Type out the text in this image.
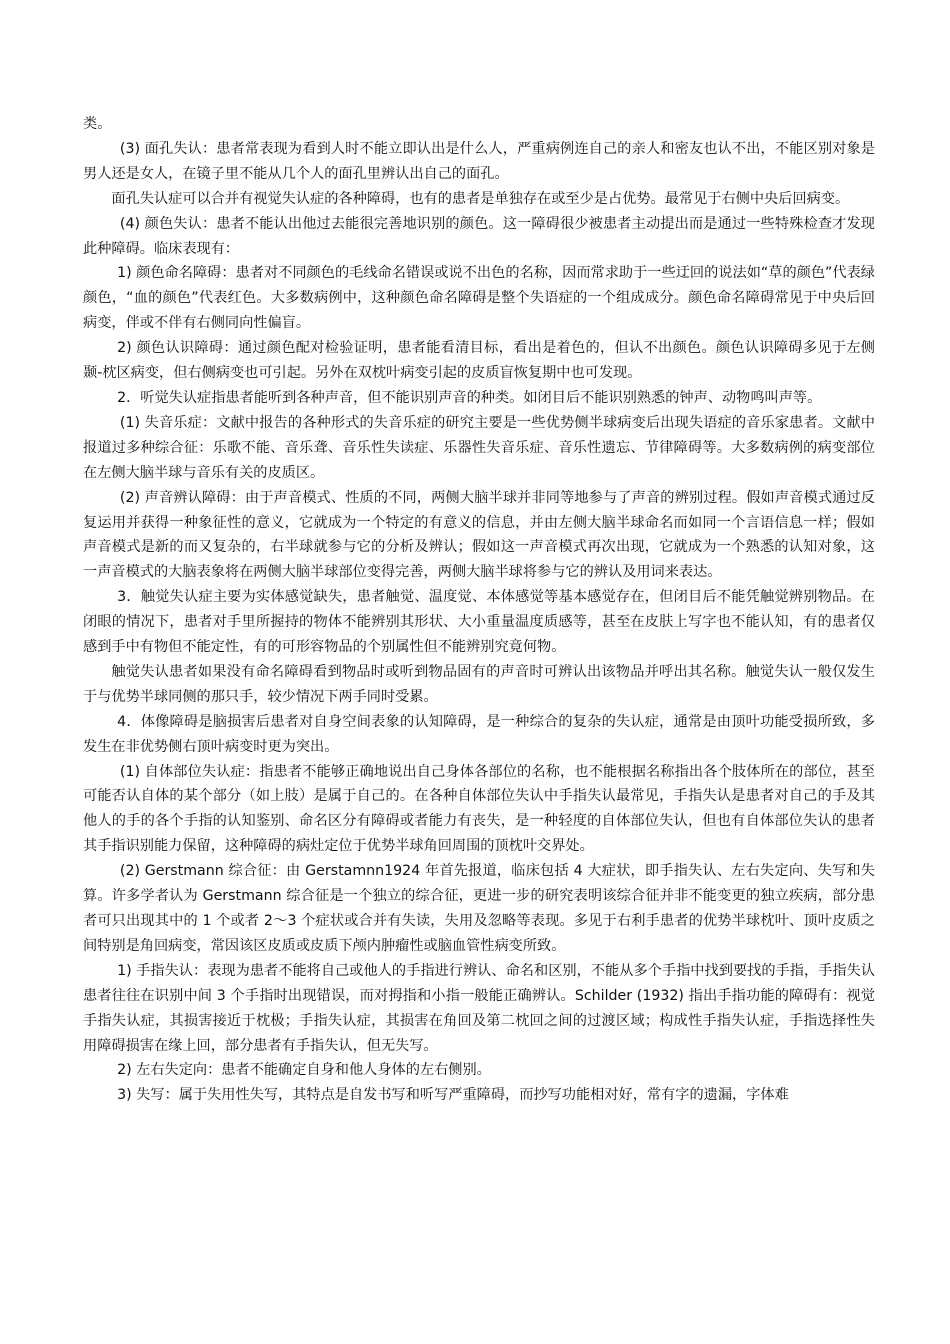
类。

(3) 面孔失认：患者常表现为看到人时不能立即认出是什么人，严重病例连自己的亲人和密友也认不出，不能区别对象是男人还是女人，在镜子里不能从几个人的面孔里辨认出自己的面孔。

面孔失认症可以合并有视觉失认症的各种障碍，也有的患者是单独存在或至少是占优势。最常见于右侧中央后回病变。

(4) 颜色失认：患者不能认出他过去能很完善地识别的颜色。这一障碍很少被患者主动提出而是通过一些特殊检查才发现此种障碍。临床表现有：

1) 颜色命名障碍：患者对不同颜色的毛线命名错误或说不出色的名称，因而常求助于一些迂回的说法如“草的颜色”代表绿颜色，“血的颜色”代表红色。大多数病例中，这种颜色命名障碍是整个失语症的一个组成成分。颜色命名障碍常见于中央后回病变，伴或不伴有右侧同向性偏盲。

2) 颜色认识障碍：通过颜色配对检验证明，患者能看清目标，看出是着色的，但认不出颜色。颜色认识障碍多见于左侧颞-枕区病变，但右侧病变也可引起。另外在双枕叶病变引起的皮质盲恢复期中也可发现。

2．听觉失认症指患者能听到各种声音，但不能识别声音的种类。如闭目后不能识别熟悉的钟声、动物鸣叫声等。

(1) 失音乐症：文献中报告的各种形式的失音乐症的研究主要是一些优势侧半球病变后出现失语症的音乐家患者。文献中报道过多种综合征：乐歌不能、音乐聋、音乐性失读症、乐器性失音乐症、音乐性遗忘、节律障碍等。大多数病例的病变部位在左侧大脑半球与音乐有关的皮质区。

(2) 声音辨认障碍：由于声音模式、性质的不同，两侧大脑半球并非同等地参与了声音的辨别过程。假如声音模式通过反复运用并获得一种象征性的意义，它就成为一个特定的有意义的信息，并由左侧大脑半球命名而如同一个言语信息一样；假如声音模式是新的而又复杂的，右半球就参与它的分析及辨认；假如这一声音模式再次出现，它就成为一个熟悉的认知对象，这一声音模式的大脑表象将在两侧大脑半球部位变得完善，两侧大脑半球将参与它的辨认及用词来表达。

3．触觉失认症主要为实体感觉缺失，患者触觉、温度觉、本体感觉等基本感觉存在，但闭目后不能凭触觉辨别物品。在闭眼的情况下，患者对手里所握持的物体不能辨别其形状、大小重量温度质感等，甚至在皮肤上写字也不能认知，有的患者仅感到手中有物但不能定性，有的可形容物品的个别属性但不能辨别究竟何物。

触觉失认患者如果没有命名障碍看到物品时或听到物品固有的声音时可辨认出该物品并呼出其名称。触觉失认一般仅发生于与优势半球同侧的那只手，较少情况下两手同时受累。

4．体像障碍是脑损害后患者对自身空间表象的认知障碍，是一种综合的复杂的失认症，通常是由顶叶功能受损所致，多发生在非优势侧右顶叶病变时更为突出。

(1) 自体部位失认症：指患者不能够正确地说出自己身体各部位的名称，也不能根据名称指出各个肢体所在的部位，甚至可能否认自体的某个部分（如上肢）是属于自己的。在各种自体部位失认中手指失认最常见，手指失认是患者对自己的手及其他人的手的各个手指的认知鉴别、命名区分有障碍或者能力有丧失，是一种轻度的自体部位失认，但也有自体部位失认的患者其手指识别能力保留，这种障碍的病灶定位于优势半球角回周围的顶枕叶交界处。

(2) Gerstmann 综合征：由 Gerstamnn1924 年首先报道，临床包括 4 大症状，即手指失认、左右失定向、失写和失算。许多学者认为 Gerstmann 综合征是一个独立的综合征，更进一步的研究表明该综合征并非不能变更的独立疾病，部分患者可只出现其中的 1 个或者 2～3 个症状或合并有失读，失用及忽略等表现。多见于右利手患者的优势半球枕叶、顶叶皮质之间特别是角回病变，常因该区皮质或皮质下颅内肿瘤性或脑血管性病变所致。

1) 手指失认：表现为患者不能将自己或他人的手指进行辨认、命名和区别，不能从多个手指中找到要找的手指，手指失认患者往往在识别中间 3 个手指时出现错误，而对拇指和小指一般能正确辨认。Schilder (1932) 指出手指功能的障碍有：视觉手指失认症，其损害接近于枕极；手指失认症，其损害在角回及第二枕回之间的过渡区域；构成性手指失认症，手指选择性失用障碍损害在缘上回，部分患者有手指失认，但无失写。

2) 左右失定向：患者不能确定自身和他人身体的左右侧别。

3) 失写：属于失用性失写，其特点是自发书写和听写严重障碍，而抄写功能相对好，常有字的遗漏，字体难
